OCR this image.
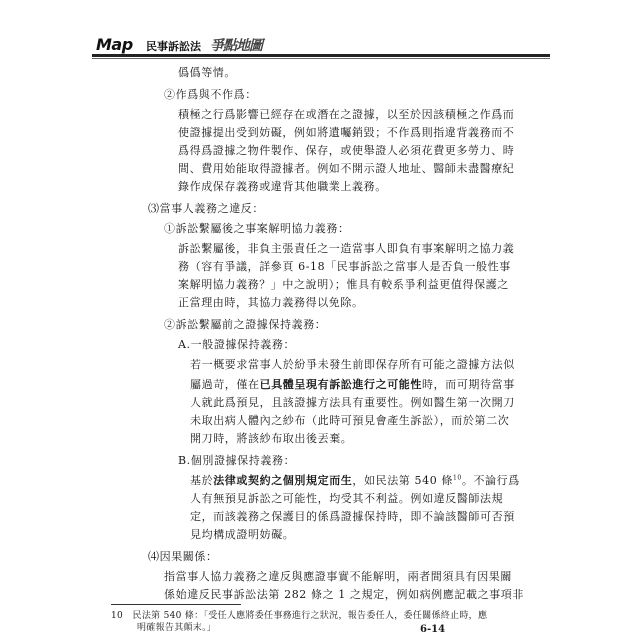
Map 民事訴訟法 爭點地圖
僞僞等情。
②作爲與不作爲：
積極之行爲影響已經存在或潛在之證據，以至於因該積極之作爲而
使證據提出受到妨礙，例如將遺囑銷毀；不作爲則指違背義務而不
爲得爲證據之物件製作、保存，或使舉證人必須花費更多勞力、時
間、費用始能取得證據者。例如不開示證人地址、醫師未盡醫療紀
錄作成保存義務或違背其他職業上義務。
⑶當事人義務之違反：
①訴訟繫屬後之事案解明協力義務：
訴訟繫屬後，非負主張責任之一造當事人即負有事案解明之協力義
務（容有爭議，詳參頁 6-18「民事訴訟之當事人是否負一般性事
案解明協力義務？」中之說明）；惟具有較系爭利益更值得保護之
正當理由時，其協力義務得以免除。
②訴訟繫屬前之證據保持義務：
A.一般證據保持義務：
若一概要求當事人於紛爭未發生前即保存所有可能之證據方法似
屬過苛，僅在已具體呈現有訴訟進行之可能性時，而可期待當事
人就此爲預見，且該證據方法具有重要性。例如醫生第一次開刀
未取出病人體內之紗布（此時可預見會產生訴訟），而於第二次
開刀時，將該紗布取出後丟棄。
B.個別證據保持義務：
基於法律或契約之個別規定而生，如民法第 540 條$^{10}$。不論行爲
人有無預見訴訟之可能性，均受其不利益。例如違反醫師法規
定，而該義務之保護目的係爲證據保持時，即不論該醫師可否預
見均構成證明妨礙。
⑷因果關係：
指當事人協力義務之違反與應證事實不能解明，兩者間須具有因果關
係始違反民事訴訟法第 282 條之 1 之規定，例如病例應記載之事項非
10 民法第 540 條：「受任人應將委任事務進行之狀況，報告委任人，委任關係終止時，應
明確報告其顛末。」	6-14
